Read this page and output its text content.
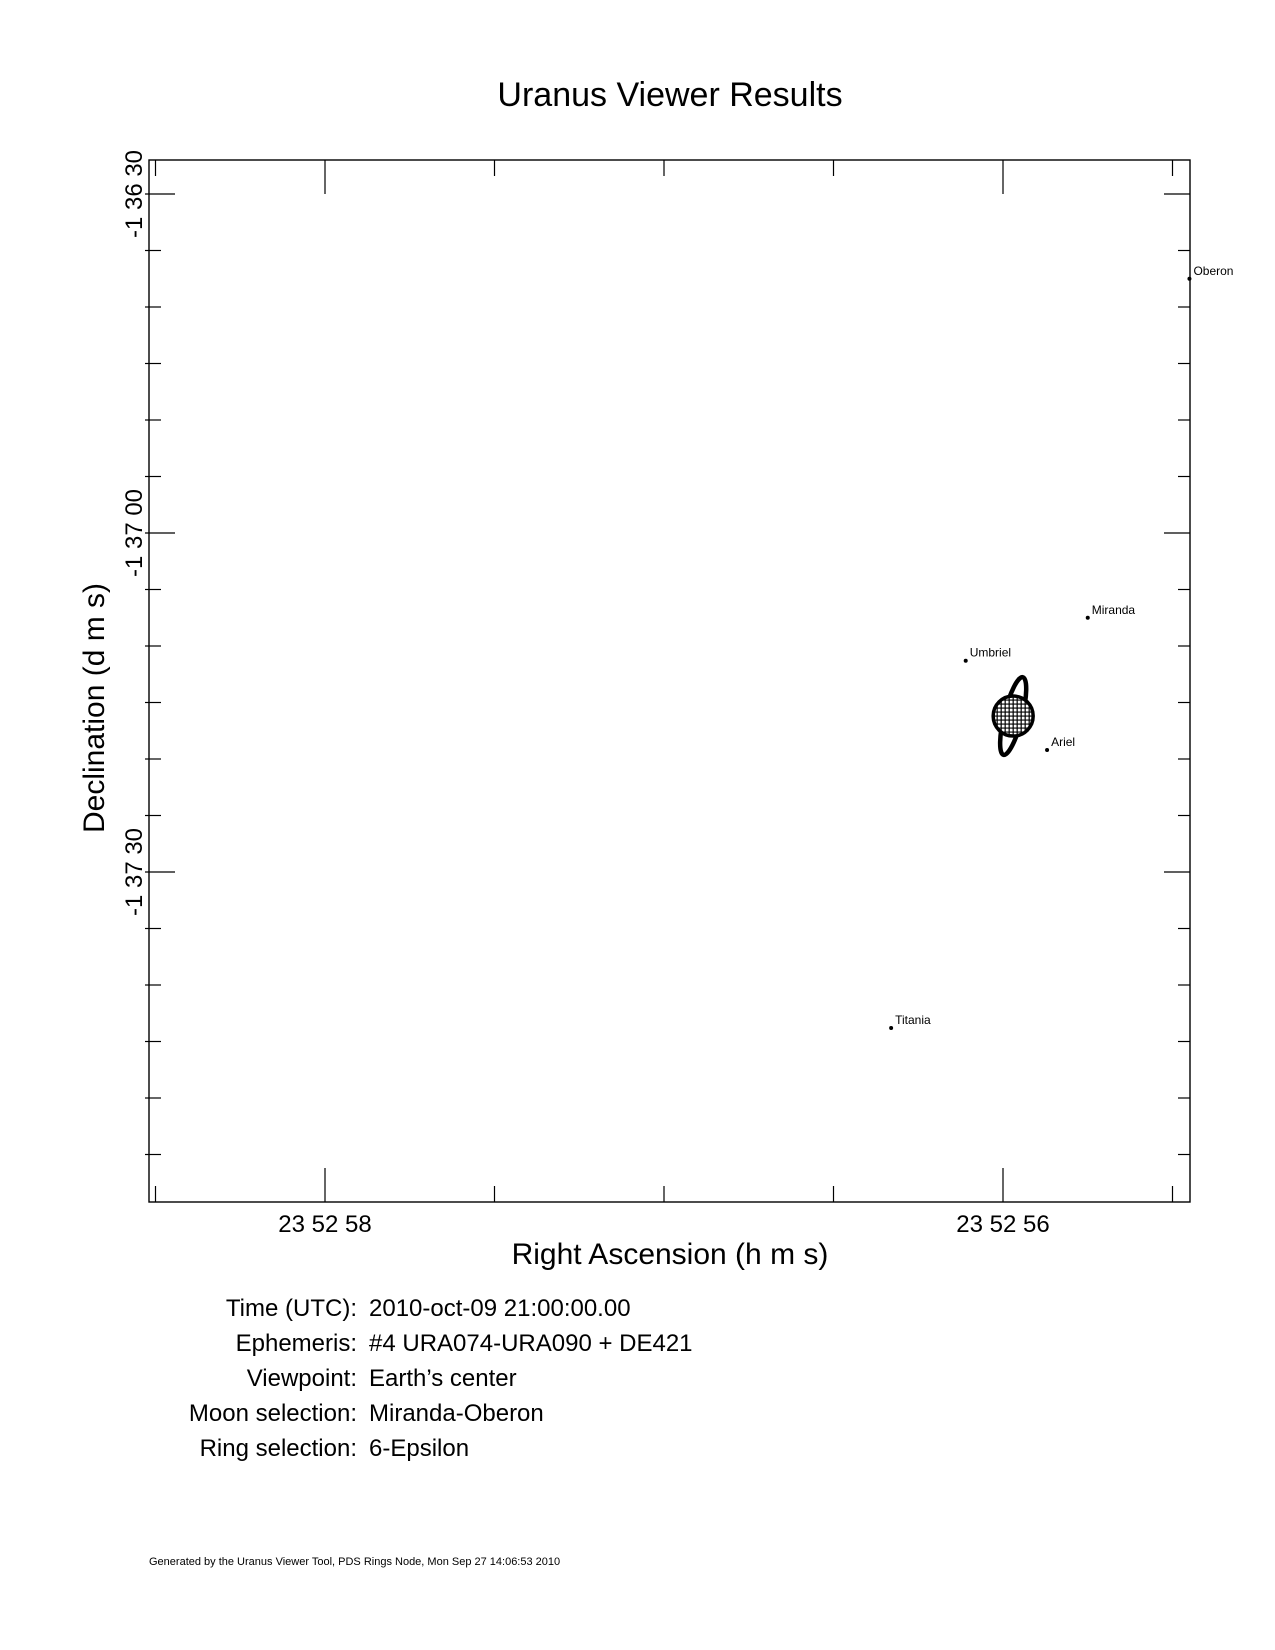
Uranus Viewer Results
23 52 58	23 52 56
-1 36 30
-1 37 00
-1 37 30
Right Ascension (h m s)
Declination (d m s)
Oberon
Miranda
Umbriel
Ariel
Titania
Time (UTC): 2010-oct-09 21:00:00.00
Ephemeris: #4 URA074-URA090 + DE421
Viewpoint: Earth’s center
Moon selection: Miranda-Oberon
Ring selection: 6-Epsilon
Generated by the Uranus Viewer Tool, PDS Rings Node, Mon Sep 27 14:06:53 2010
